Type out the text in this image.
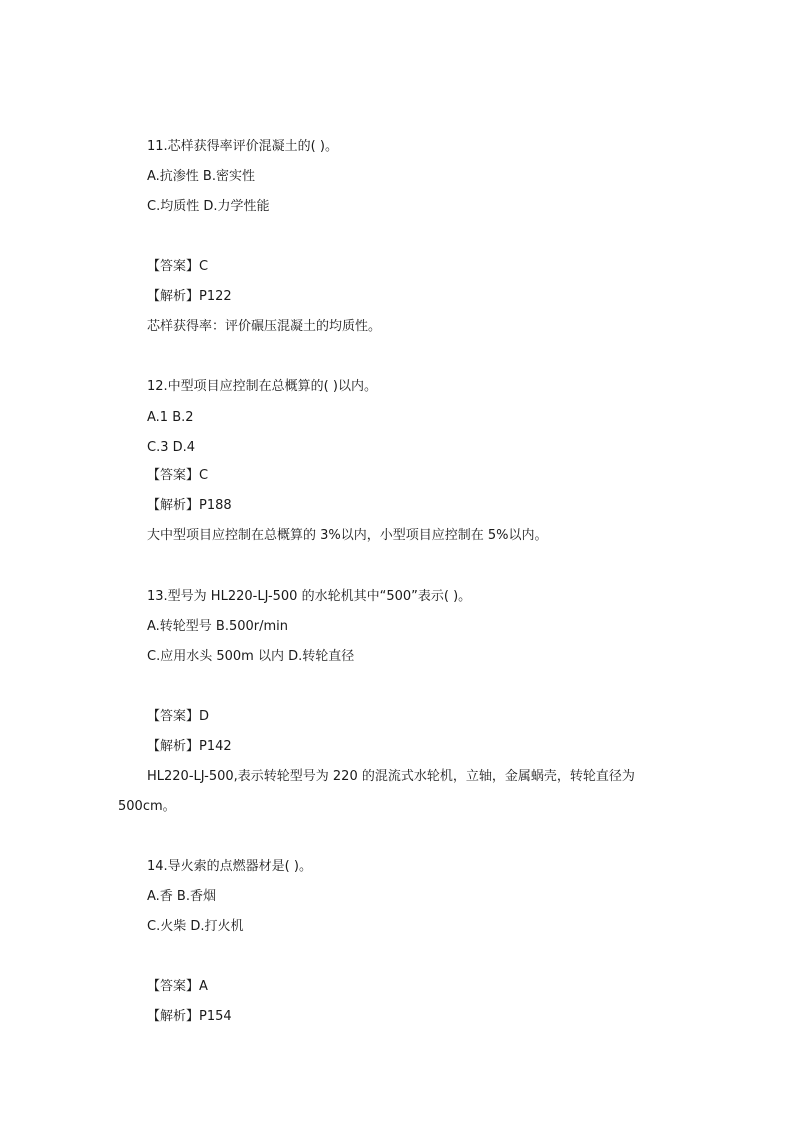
11.芯样获得率评价混凝土的( )。
A.抗渗性 B.密实性
C.均质性 D.力学性能
【答案】C
【解析】P122
芯样获得率：评价碾压混凝土的均质性。
12.中型项目应控制在总概算的( )以内。
A.1 B.2
C.3 D.4
【答案】C
【解析】P188
大中型项目应控制在总概算的 3%以内，小型项目应控制在 5%以内。
13.型号为 HL220-LJ-500 的水轮机其中“500”表示( )。
A.转轮型号 B.500r/min
C.应用水头 500m 以内 D.转轮直径
【答案】D
【解析】P142
HL220-LJ-500,表示转轮型号为 220 的混流式水轮机，立轴，金属蜗壳，转轮直径为
500cm。
14.导火索的点燃器材是( )。
A.香 B.香烟
C.火柴 D.打火机
【答案】A
【解析】P154
